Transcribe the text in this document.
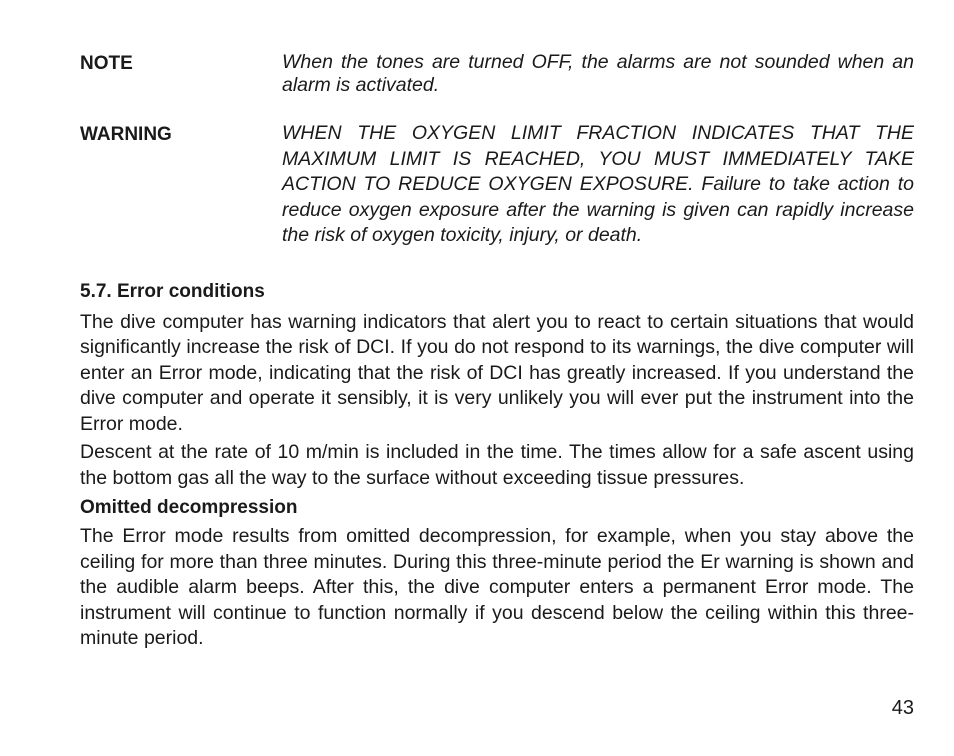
NOTE	When the tones are turned OFF, the alarms are not sounded when an alarm is activated.
WARNING	WHEN THE OXYGEN LIMIT FRACTION INDICATES THAT THE MAXIMUM LIMIT IS REACHED, YOU MUST IMMEDIATELY TAKE ACTION TO REDUCE OXYGEN EXPOSURE. Failure to take action to reduce oxygen exposure after the warning is given can rapidly increase the risk of oxygen toxicity, injury, or death.
5.7. Error conditions

The dive computer has warning indicators that alert you to react to certain situations that would significantly increase the risk of DCI. If you do not respond to its warnings, the dive computer will enter an Error mode, indicating that the risk of DCI has greatly increased. If you understand the dive computer and operate it sensibly, it is very unlikely you will ever put the instrument into the Error mode.

Descent at the rate of 10 m/min is included in the time. The times allow for a safe ascent using the bottom gas all the way to the surface without exceeding tissue pressures.

Omitted decompression

The Error mode results from omitted decompression, for example, when you stay above the ceiling for more than three minutes. During this three-minute period the Er warning is shown and the audible alarm beeps. After this, the dive computer enters a permanent Error mode. The instrument will continue to function normally if you descend below the ceiling within this three-minute period.

43
